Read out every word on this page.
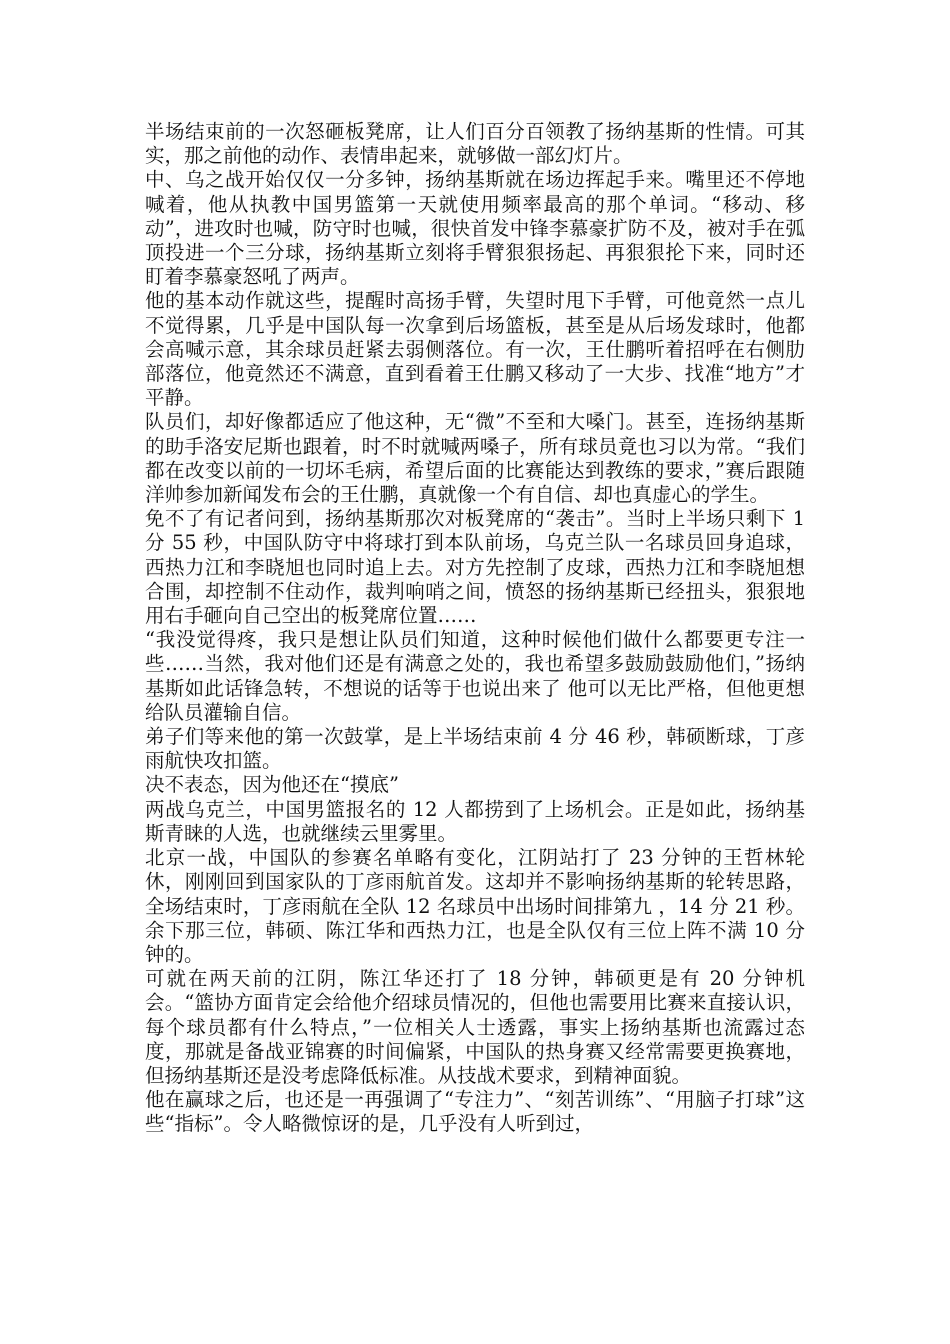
半场结束前的一次怒砸板凳席，让人们百分百领教了扬纳基斯的性情。可其实，那之前他的动作、表情串起来，就够做一部幻灯片。

中、乌之战开始仅仅一分多钟，扬纳基斯就在场边挥起手来。嘴里还不停地喊着，他从执教中国男篮第一天就使用频率最高的那个单词。“移动、移动”，进攻时也喊，防守时也喊，很快首发中锋李慕豪扩防不及，被对手在弧顶投进一个三分球，扬纳基斯立刻将手臂狠狠扬起、再狠狠抡下来，同时还盯着李慕豪怒吼了两声。

他的基本动作就这些，提醒时高扬手臂，失望时甩下手臂，可他竟然一点儿不觉得累，几乎是中国队每一次拿到后场篮板，甚至是从后场发球时，他都会高喊示意，其余球员赶紧去弱侧落位。有一次，王仕鹏听着招呼在右侧肋部落位，他竟然还不满意，直到看着王仕鹏又移动了一大步、找准“地方”才平静。

队员们，却好像都适应了他这种，无“微”不至和大嗓门。甚至，连扬纳基斯的助手洛安尼斯也跟着，时不时就喊两嗓子，所有球员竟也习以为常。“我们都在改变以前的一切坏毛病，希望后面的比赛能达到教练的要求，”赛后跟随洋帅参加新闻发布会的王仕鹏，真就像一个有自信、却也真虚心的学生。

免不了有记者问到，扬纳基斯那次对板凳席的“袭击”。当时上半场只剩下 1 分 55 秒，中国队防守中将球打到本队前场，乌克兰队一名球员回身追球，西热力江和李晓旭也同时追上去。对方先控制了皮球，西热力江和李晓旭想合围，却控制不住动作，裁判响哨之间，愤怒的扬纳基斯已经扭头，狠狠地用右手砸向自己空出的板凳席位置……

“我没觉得疼，我只是想让队员们知道，这种时候他们做什么都要更专注一些……当然，我对他们还是有满意之处的，我也希望多鼓励鼓励他们，”扬纳基斯如此话锋急转，不想说的话等于也说出来了 他可以无比严格，但他更想给队员灌输自信。

弟子们等来他的第一次鼓掌，是上半场结束前 4 分 46 秒，韩硕断球，丁彦雨航快攻扣篮。

决不表态，因为他还在“摸底”

两战乌克兰，中国男篮报名的 12 人都捞到了上场机会。正是如此，扬纳基斯青睐的人选，也就继续云里雾里。

北京一战，中国队的参赛名单略有变化，江阴站打了 23 分钟的王哲林轮休，刚刚回到国家队的丁彦雨航首发。这却并不影响扬纳基斯的轮转思路，全场结束时，丁彦雨航在全队 12 名球员中出场时间排第九 ，14 分 21 秒。余下那三位，韩硕、陈江华和西热力江，也是全队仅有三位上阵不满 10 分钟的。

可就在两天前的江阴，陈江华还打了 18 分钟，韩硕更是有 20 分钟机会。“篮协方面肯定会给他介绍球员情况的，但他也需要用比赛来直接认识，每个球员都有什么特点，”一位相关人士透露，事实上扬纳基斯也流露过态度，那就是备战亚锦赛的时间偏紧，中国队的热身赛又经常需要更换赛地，但扬纳基斯还是没考虑降低标准。从技战术要求，到精神面貌。

他在赢球之后，也还是一再强调了“专注力”、“刻苦训练”、“用脑子打球”这些“指标”。令人略微惊讶的是，几乎没有人听到过，
